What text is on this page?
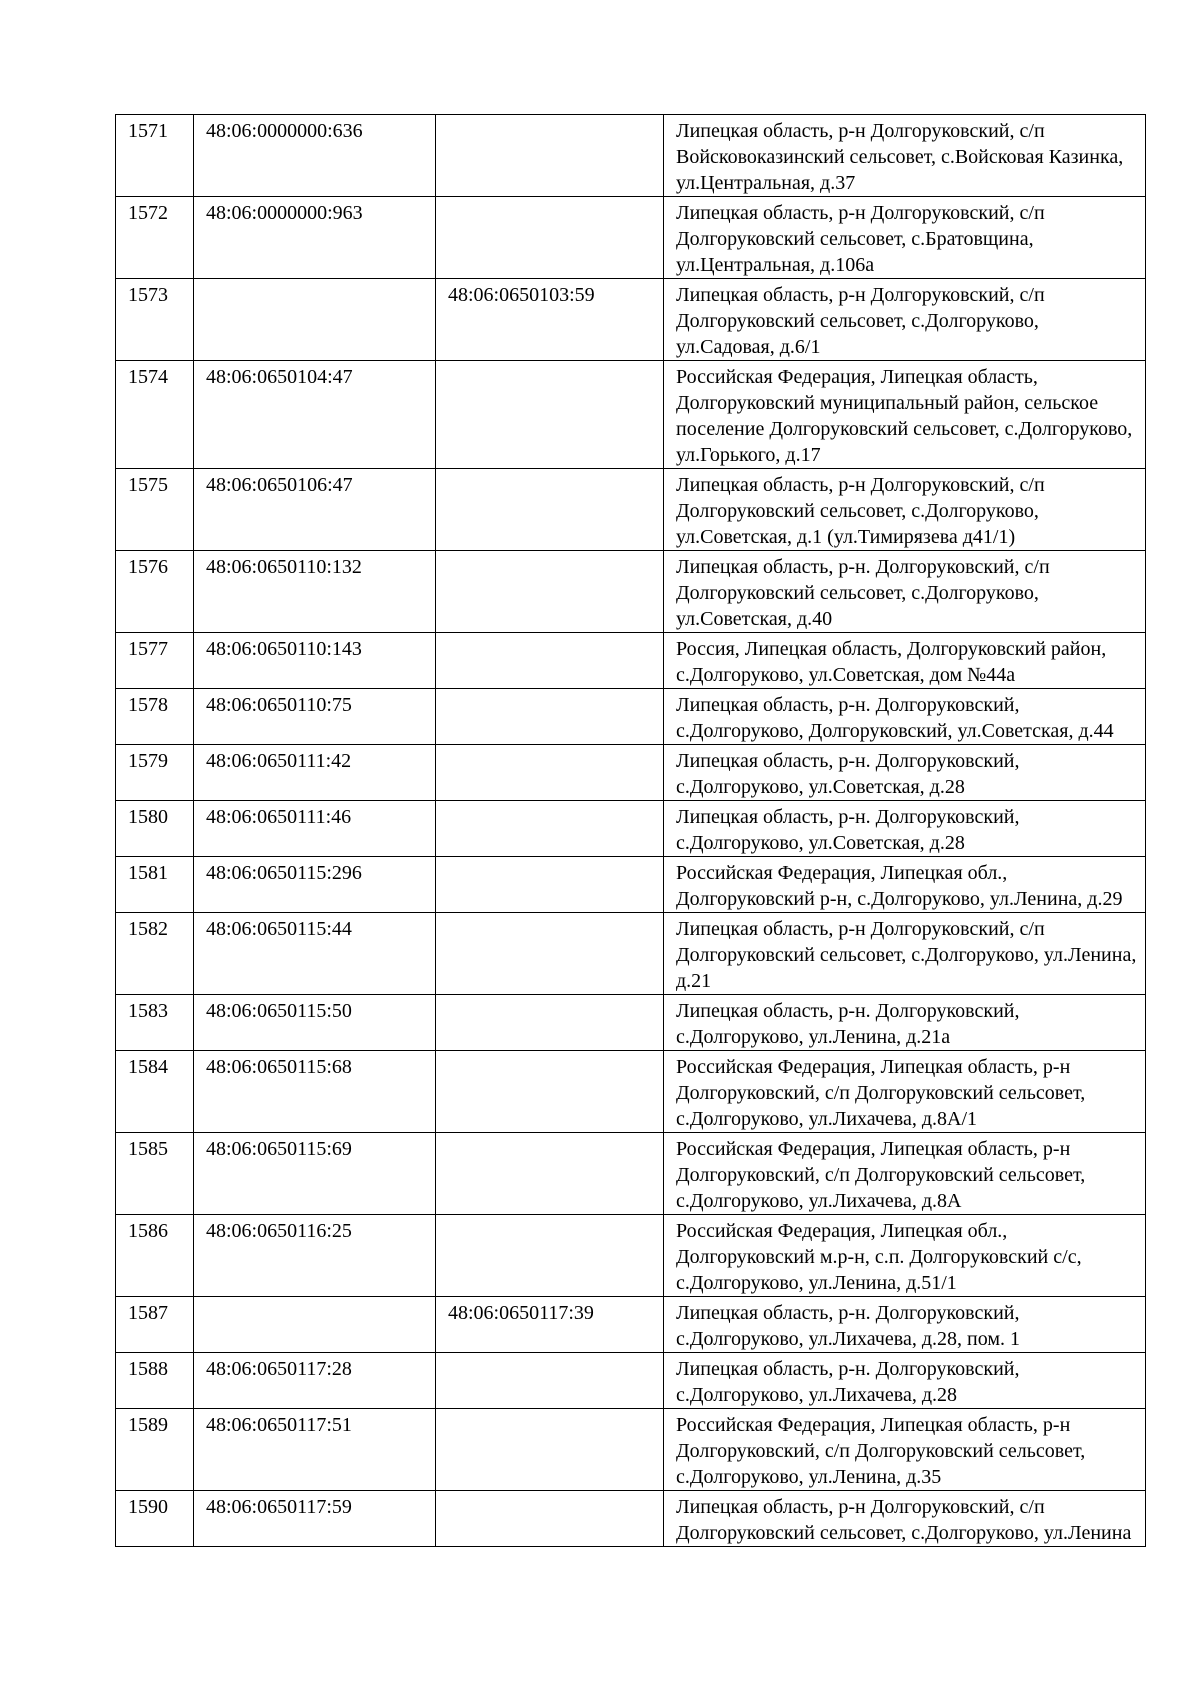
1571	48:06:0000000:636		Липецкая область, р-н Долгоруковский, с/п Войсковоказинский сельсовет, с.Войсковая Казинка, ул.Центральная, д.37
1572	48:06:0000000:963		Липецкая область, р-н Долгоруковский, с/п Долгоруковский сельсовет, с.Братовщина, ул.Центральная, д.106а
1573		48:06:0650103:59	Липецкая область, р-н Долгоруковский, с/п Долгоруковский сельсовет, с.Долгоруково, ул.Садовая, д.6/1
1574	48:06:0650104:47		Российская Федерация, Липецкая область, Долгоруковский муниципальный район, сельское поселение Долгоруковский сельсовет, с.Долгоруково, ул.Горького, д.17
1575	48:06:0650106:47		Липецкая область, р-н Долгоруковский, с/п Долгоруковский сельсовет, с.Долгоруково, ул.Советская, д.1 (ул.Тимирязева д41/1)
1576	48:06:0650110:132		Липецкая область, р-н. Долгоруковский, с/п Долгоруковский сельсовет, с.Долгоруково, ул.Советская, д.40
1577	48:06:0650110:143		Россия, Липецкая область, Долгоруковский район, с.Долгоруково, ул.Советская, дом №44а
1578	48:06:0650110:75		Липецкая область, р-н. Долгоруковский, с.Долгоруково, Долгоруковский, ул.Советская, д.44
1579	48:06:0650111:42		Липецкая область, р-н. Долгоруковский, с.Долгоруково, ул.Советская, д.28
1580	48:06:0650111:46		Липецкая область, р-н. Долгоруковский, с.Долгоруково, ул.Советская, д.28
1581	48:06:0650115:296		Российская Федерация, Липецкая обл., Долгоруковский р-н, с.Долгоруково, ул.Ленина, д.29
1582	48:06:0650115:44		Липецкая область, р-н Долгоруковский, с/п Долгоруковский сельсовет, с.Долгоруково, ул.Ленина, д.21
1583	48:06:0650115:50		Липецкая область, р-н. Долгоруковский, с.Долгоруково, ул.Ленина, д.21а
1584	48:06:0650115:68		Российская Федерация, Липецкая область, р-н Долгоруковский, с/п Долгоруковский сельсовет, с.Долгоруково, ул.Лихачева, д.8А/1
1585	48:06:0650115:69		Российская Федерация, Липецкая область, р-н Долгоруковский, с/п Долгоруковский сельсовет, с.Долгоруково, ул.Лихачева, д.8А
1586	48:06:0650116:25		Российская Федерация, Липецкая обл., Долгоруковский м.р-н, с.п. Долгоруковский с/с, с.Долгоруково, ул.Ленина, д.51/1
1587		48:06:0650117:39	Липецкая область, р-н. Долгоруковский, с.Долгоруково, ул.Лихачева, д.28, пом. 1
1588	48:06:0650117:28		Липецкая область, р-н. Долгоруковский, с.Долгоруково, ул.Лихачева, д.28
1589	48:06:0650117:51		Российская Федерация, Липецкая область, р-н Долгоруковский, с/п Долгоруковский сельсовет, с.Долгоруково, ул.Ленина, д.35
1590	48:06:0650117:59		Липецкая область, р-н Долгоруковский, с/п Долгоруковский сельсовет, с.Долгоруково, ул.Ленина
